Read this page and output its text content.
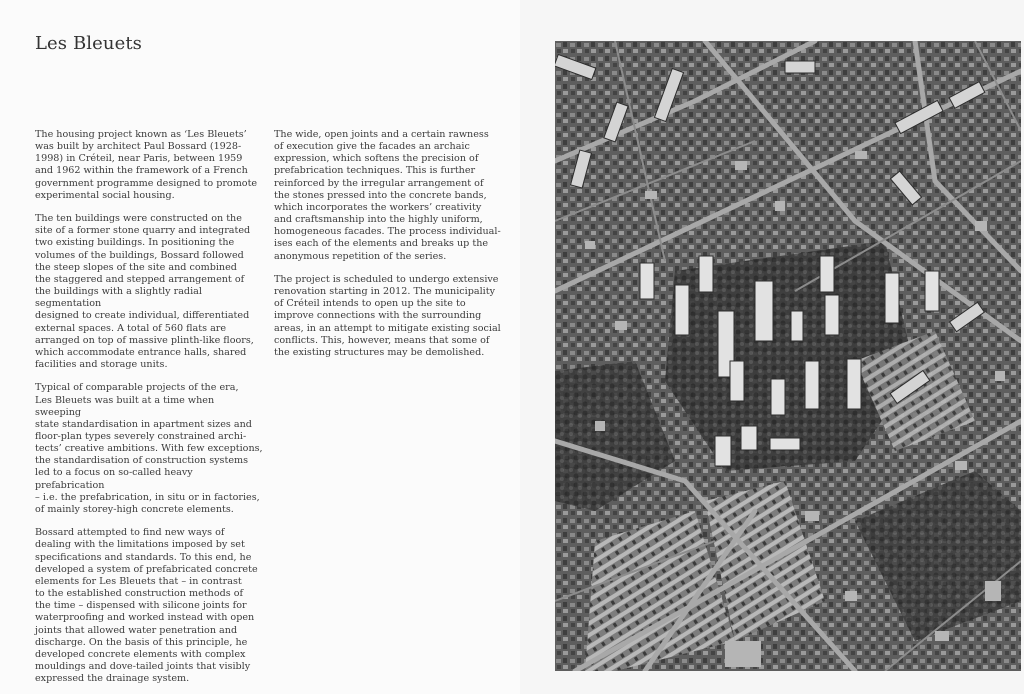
Les Bleuets

The housing project known as ‘Les Bleuets’
was built by architect Paul Bossard (1928-
1998) in Créteil, near Paris, between 1959
and 1962 within the framework of a French
government programme designed to promote
experimental social housing.

The ten buildings were constructed on the
site of a former stone quarry and integrated
two existing buildings. In positioning the
volumes of the buildings, Bossard followed
the steep slopes of the site and combined
the staggered and stepped arrangement of
the buildings with a slightly radial segmentation
designed to create individual, differentiated
external spaces. A total of 560 flats are
arranged on top of massive plinth-like floors,
which accommodate entrance halls, shared
facilities and storage units.

Typical of comparable projects of the era,
Les Bleuets was built at a time when sweeping
state standardisation in apartment sizes and
floor-plan types severely constrained archi-
tects’ creative ambitions. With few exceptions,
the standardisation of construction systems
led to a focus on so-called heavy prefabrication
– i.e. the prefabrication, in situ or in factories,
of mainly storey-high concrete elements.

Bossard attempted to find new ways of
dealing with the limitations imposed by set
specifications and standards. To this end, he
developed a system of prefabricated concrete
elements for Les Bleuets that – in contrast
to the established construction methods of
the time – dispensed with silicone joints for
waterproofing and worked instead with open
joints that allowed water penetration and
discharge. On the basis of this principle, he
developed concrete elements with complex
mouldings and dove-tailed joints that visibly
expressed the drainage system.

The wide, open joints and a certain rawness
of execution give the facades an archaic
expression, which softens the precision of
prefabrication techniques. This is further
reinforced by the irregular arrangement of
the stones pressed into the concrete bands,
which incorporates the workers’ creativity
and craftsmanship into the highly uniform,
homogeneous facades. The process individual-
ises each of the elements and breaks up the
anonymous repetition of the series.

The project is scheduled to undergo extensive
renovation starting in 2012. The municipality
of Créteil intends to open up the site to
improve connections with the surrounding
areas, in an attempt to mitigate existing social
conflicts. This, however, means that some of
the existing structures may be demolished.
